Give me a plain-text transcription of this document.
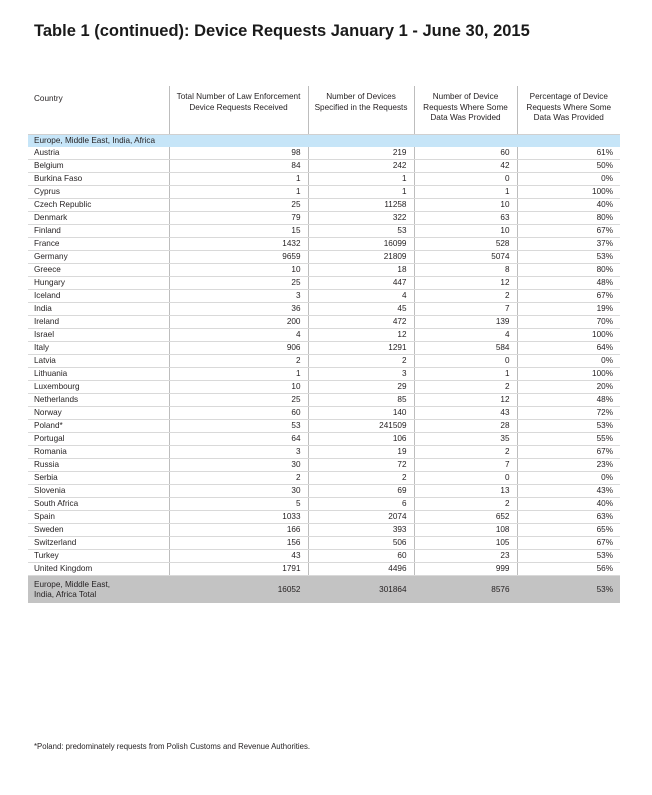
Table 1 (continued): Device Requests January 1 - June 30, 2015
Country	Total Number of Law Enforcement Device Requests Received	Number of Devices Specified in the Requests	Number of Device Requests Where Some Data Was Provided	Percentage of Device Requests Where Some Data Was Provided
Europe, Middle East, India, Africa				
Austria	98	219	60	61%
Belgium	84	242	42	50%
Burkina Faso	1	1	0	0%
Cyprus	1	1	1	100%
Czech Republic	25	11258	10	40%
Denmark	79	322	63	80%
Finland	15	53	10	67%
France	1432	16099	528	37%
Germany	9659	21809	5074	53%
Greece	10	18	8	80%
Hungary	25	447	12	48%
Iceland	3	4	2	67%
India	36	45	7	19%
Ireland	200	472	139	70%
Israel	4	12	4	100%
Italy	906	1291	584	64%
Latvia	2	2	0	0%
Lithuania	1	3	1	100%
Luxembourg	10	29	2	20%
Netherlands	25	85	12	48%
Norway	60	140	43	72%
Poland*	53	241509	28	53%
Portugal	64	106	35	55%
Romania	3	19	2	67%
Russia	30	72	7	23%
Serbia	2	2	0	0%
Slovenia	30	69	13	43%
South Africa	5	6	2	40%
Spain	1033	2074	652	63%
Sweden	166	393	108	65%
Switzerland	156	506	105	67%
Turkey	43	60	23	53%
United Kingdom	1791	4496	999	56%
Europe, Middle East,
India, Africa Total	16052	301864	8576	53%
*Poland: predominately requests from Polish Customs and Revenue Authorities.
